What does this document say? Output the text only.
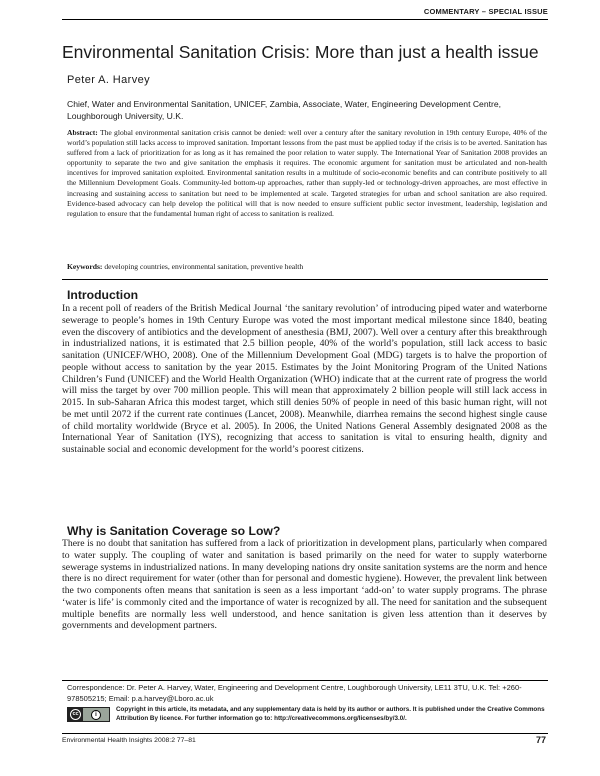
COMMENTARY – SPECIAL ISSUE
Environmental Sanitation Crisis: More than just a health issue
Peter A. Harvey
Chief, Water and Environmental Sanitation, UNICEF, Zambia, Associate, Water, Engineering Development Centre, Loughborough University, U.K.

Abstract: The global environmental sanitation crisis cannot be denied: well over a century after the sanitary revolution in 19th century Europe, 40% of the world’s population still lacks access to improved sanitation. Important lessons from the past must be applied today if the crisis is to be averted. Sanitation has suffered from a lack of prioritization for as long as it has remained the poor relation to water supply. The International Year of Sanitation 2008 provides an opportunity to separate the two and give sanitation the emphasis it requires. The economic argument for sanitation must be articulated and non-health incentives for improved sanitation exploited. Environmental sanitation results in a multitude of socio-economic benefits and can contribute positively to all the Millennium Development Goals. Community-led bottom-up approaches, rather than supply-led or technology-driven approaches, are most effective in increasing and sustaining access to sanitation but need to be implemented at scale. Targeted strategies for urban and school sanitation are also required. Evidence-based advocacy can help develop the political will that is now needed to ensure sufficient public sector investment, leadership, legislation and regulation to ensure that the fundamental human right of access to sanitation is realized.

Keywords: developing countries, environmental sanitation, preventive health

Introduction

In a recent poll of readers of the British Medical Journal ‘the sanitary revolution’ of introducing piped water and waterborne sewerage to people’s homes in 19th Century Europe was voted the most important medical milestone since 1840, beating even the discovery of antibiotics and the development of anesthesia (BMJ, 2007). Well over a century after this breakthrough in industrialized nations, it is estimated that 2.5 billion people, 40% of the world’s population, still lack access to basic sanitation (UNICEF/WHO, 2008). One of the Millennium Development Goal (MDG) targets is to halve the proportion of people without access to sanitation by the year 2015. Estimates by the Joint Monitoring Program of the United Nations Children’s Fund (UNICEF) and the World Health Organization (WHO) indicate that at the current rate of progress the world will miss the target by over 700 million people. This will mean that approximately 2 billion people will still lack access in 2015. In sub-Saharan Africa this modest target, which still denies 50% of people in need of this basic human right, will not be met until 2072 if the current rate continues (Lancet, 2008). Meanwhile, diarrhea remains the second highest single cause of child mortality worldwide (Bryce et al. 2005). In 2006, the United Nations General Assembly designated 2008 as the International Year of Sanitation (IYS), recognizing that access to sanitation is vital to ensuring health, dignity and sustainable social and economic development for the world’s poorest citizens.

Why is Sanitation Coverage so Low?

There is no doubt that sanitation has suffered from a lack of prioritization in development plans, particularly when compared to water supply. The coupling of water and sanitation is based primarily on the need for water to supply waterborne sewerage systems in industrialized nations. In many developing nations dry onsite sanitation systems are the norm and hence there is no direct requirement for water (other than for personal and domestic hygiene). However, the prevalent link between the two components often means that sanitation is seen as a less important ‘add-on’ to water supply programs. The phrase ‘water is life’ is commonly cited and the importance of water is recognized by all. The need for sanitation and the subsequent multiple benefits are normally less well understood, and hence sanitation is given less attention than it deserves by governments and development partners.

Correspondence: Dr. Peter A. Harvey, Water, Engineering and Development Centre, Loughborough University, LE11 3TU, U.K. Tel: +260-978505215; Email: p.a.harvey@Lboro.ac.uk

cc	i

Copyright in this article, its metadata, and any supplementary data is held by its author or authors. It is published under the Creative Commons Attribution By licence. For further information go to: http://creativecommons.org/licenses/by/3.0/.

Environmental Health Insights 2008:2 77–81	77
